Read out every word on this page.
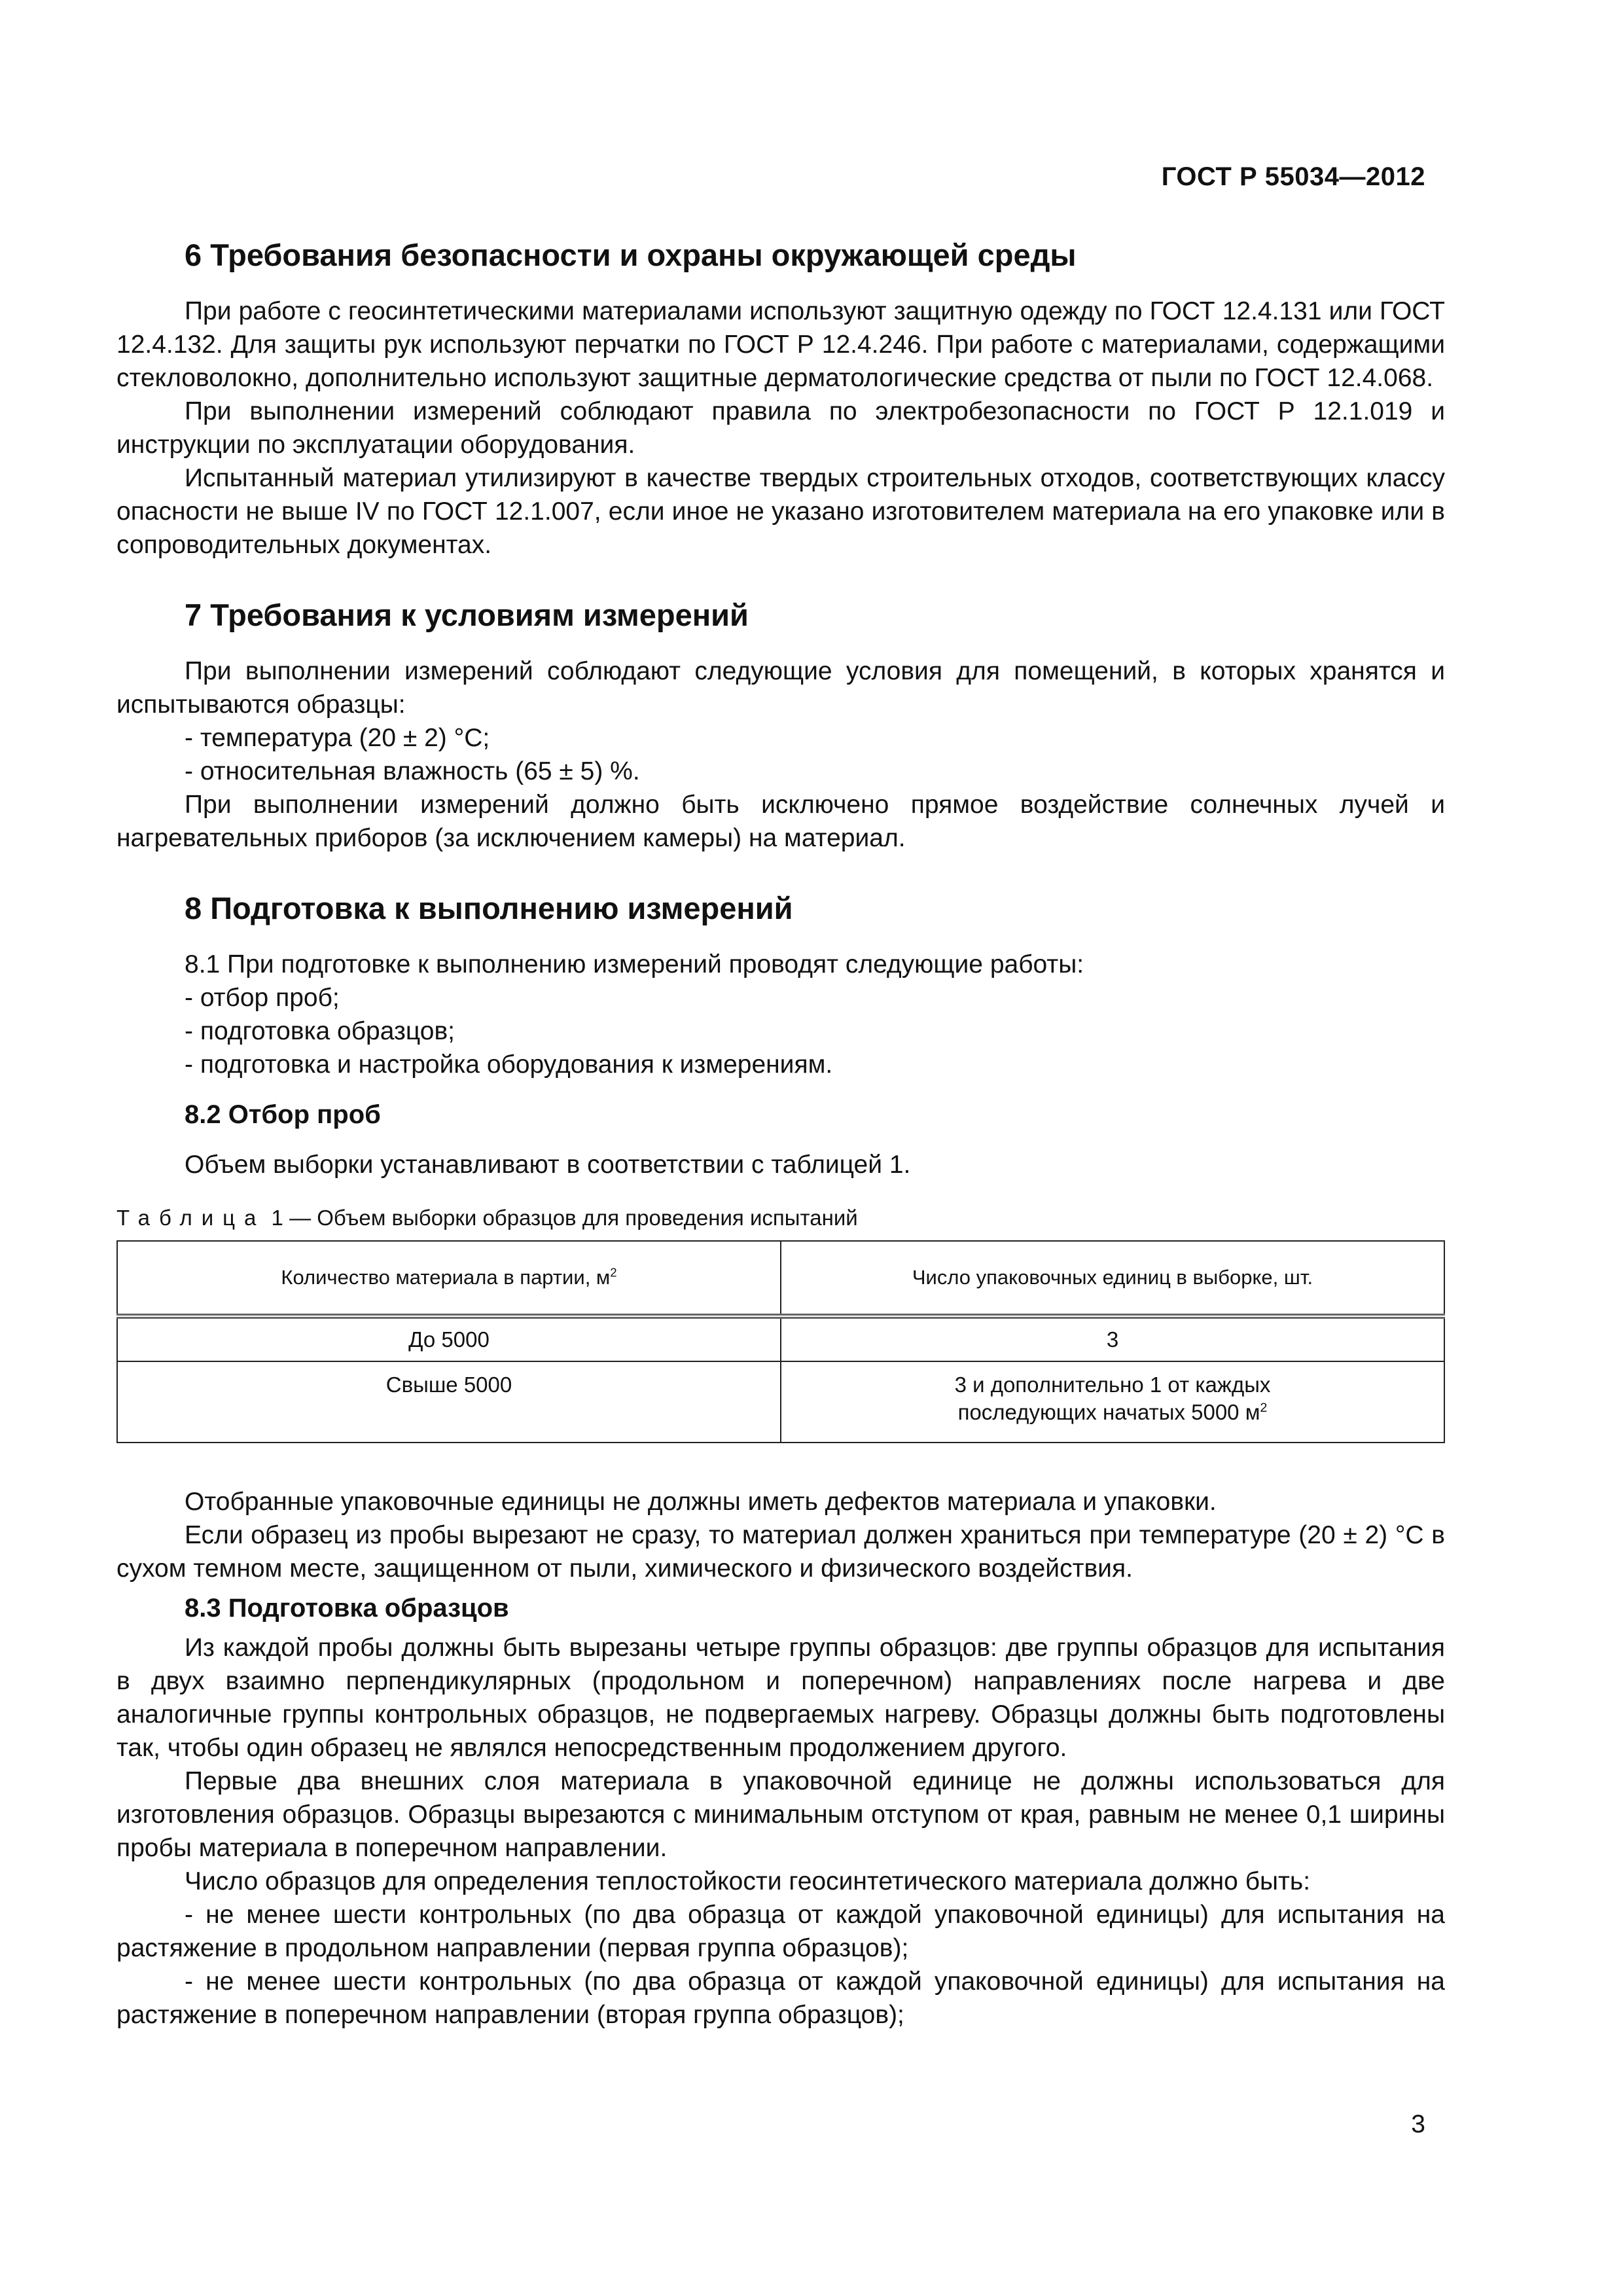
ГОСТ Р 55034—2012
6 Требования безопасности и охраны окружающей среды

При работе с геосинтетическими материалами используют защитную одежду по ГОСТ 12.4.131 или ГОСТ 12.4.132. Для защиты рук используют перчатки по ГОСТ Р 12.4.246. При работе с материалами, содержащими стекловолокно, дополнительно используют защитные дерматологические средства от пыли по ГОСТ 12.4.068.

При выполнении измерений соблюдают правила по электробезопасности по ГОСТ Р 12.1.019 и инструкции по эксплуатации оборудования.

Испытанный материал утилизируют в качестве твердых строительных отходов, соответствующих классу опасности не выше IV по ГОСТ 12.1.007, если иное не указано изготовителем материала на его упаковке или в сопроводительных документах.

7 Требования к условиям измерений

При выполнении измерений соблюдают следующие условия для помещений, в которых хранятся и испытываются образцы:

- температура (20 ± 2) °С;
- относительная влажность (65 ± 5) %.

При выполнении измерений должно быть исключено прямое воздействие солнечных лучей и нагревательных приборов (за исключением камеры) на материал.

8 Подготовка к выполнению измерений

8.1 При подготовке к выполнению измерений проводят следующие работы:

- отбор проб;
- подготовка образцов;
- подготовка и настройка оборудования к измерениям.
8.2 Отбор проб

Объем выборки устанавливают в соответствии с таблицей 1.

Таблица 1 — Объем выборки образцов для проведения испытаний
Количество материала в партии, $м^2$	Число упаковочных единиц в выборке, шт.
До 5000	3
Свыше 5000	3 и дополнительно 1 от каждых
последующих начатых 5000 $м^2$

Отобранные упаковочные единицы не должны иметь дефектов материала и упаковки.

Если образец из пробы вырезают не сразу, то материал должен храниться при температуре (20 ± 2) °С в сухом темном месте, защищенном от пыли, химического и физического воздействия.

8.3 Подготовка образцов

Из каждой пробы должны быть вырезаны четыре группы образцов: две группы образцов для испытания в двух взаимно перпендикулярных (продольном и поперечном) направлениях после нагрева и две аналогичные группы контрольных образцов, не подвергаемых нагреву. Образцы должны быть подготовлены так, чтобы один образец не являлся непосредственным продолжением другого.

Первые два внешних слоя материала в упаковочной единице не должны использоваться для изготовления образцов. Образцы вырезаются с минимальным отступом от края, равным не менее 0,1 ширины пробы материала в поперечном направлении.

Число образцов для определения теплостойкости геосинтетического материала должно быть:

- не менее шести контрольных (по два образца от каждой упаковочной единицы) для испытания на растяжение в продольном направлении (первая группа образцов);
- не менее шести контрольных (по два образца от каждой упаковочной единицы) для испытания на растяжение в поперечном направлении (вторая группа образцов);
3
